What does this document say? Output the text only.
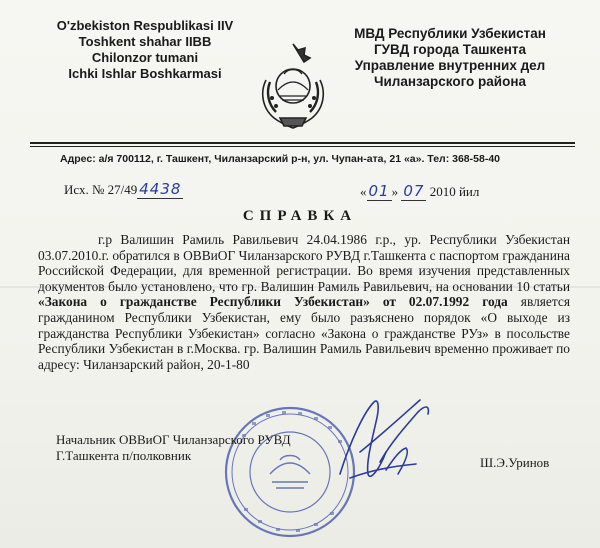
O'zbekiston Respublikasi IIV
Toshkent shahar IIBB
Chilonzor tumani
Ichki Ishlar Boshkarmasi
МВД Республики Узбекистан
ГУВД города Ташкента
Управление внутренних дел
Чиланзарского района
Адрес: а/я 700112, г. Ташкент, Чиланзарский р-н, ул. Чупан-ата, 21 «а». Тел: 368-58-40
Исх. № 27/49 4438	« 01 » 07 2010 йил
СПРАВКА

г.р Валишин Рамиль Равильевич 24.04.1986 г.р., ур. Республики Узбекистан 03.07.2010.г. обратился в ОВВиОГ Чиланзарского РУВД г.Ташкента с паспортом гражданина Российской Федерации, для временной регистрации. Во время изучения представленных документов было установлено, что гр. Валишин Рамиль Равильевич, на основании 10 статьи «Закона о гражданстве Республики Узбекистан» от 02.07.1992 года является гражданином Республики Узбекистан, ему было разъяснено порядок «О выходе из гражданства Республики Узбекистан» согласно «Закона о гражданстве РУз» в посольстве Республики Узбекистан в г.Москва. гр. Валишин Рамиль Равильевич временно проживает по адресу: Чиланзарский район, 20-1-80

Начальник ОВВиОГ Чиланзарского РУВД
Г.Ташкента п/полковник	Ш.Э.Уринов
